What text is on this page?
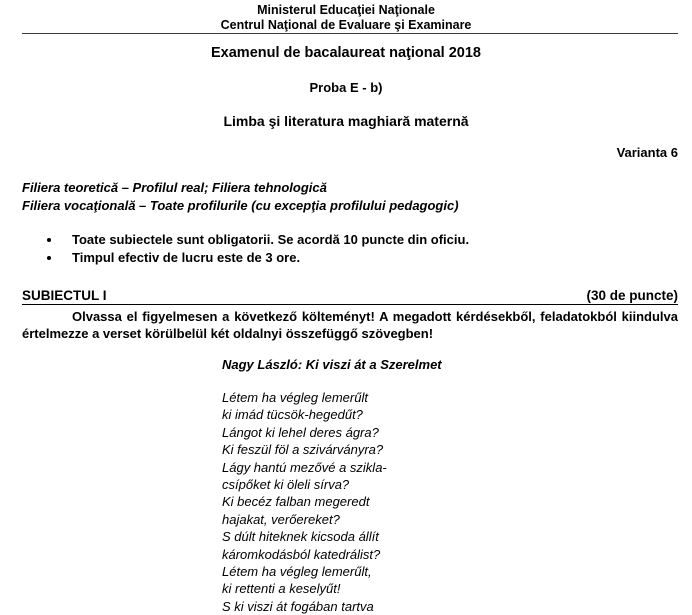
Ministerul Educaţiei Naţionale
Centrul Naţional de Evaluare şi Examinare
Examenul de bacalaureat naţional 2018
Proba E - b)
Limba şi literatura maghiară maternă
Varianta 6
Filiera teoretică – Profilul real; Filiera tehnologică
Filiera vocaţională – Toate profilurile (cu excepţia profilului pedagogic)
Toate subiectele sunt obligatorii. Se acordă 10 puncte din oficiu.
Timpul efectiv de lucru este de 3 ore.
SUBIECTUL I	(30 de puncte)
Olvassa el figyelmesen a következő költeményt! A megadott kérdésekből, feladatokból kiindulva értelmezze a verset körülbelül két oldalnyi összefüggő szövegben!
Nagy László: Ki viszi át a Szerelmet
Létem ha végleg lemerűlt
ki imád tücsök-hegedűt?
Lángot ki lehel deres ágra?
Ki feszül föl a szivárványra?
Lágy hantú mezővé a szikla-
csípőket ki öleli sírva?
Ki becéz falban megeredt
hajakat, verőereket?
S dúlt hiteknek kicsoda állít
káromkodásból katedrálist?
Létem ha végleg lemerűlt,
ki rettenti a keselyűt!
S ki viszi át fogában tartva
